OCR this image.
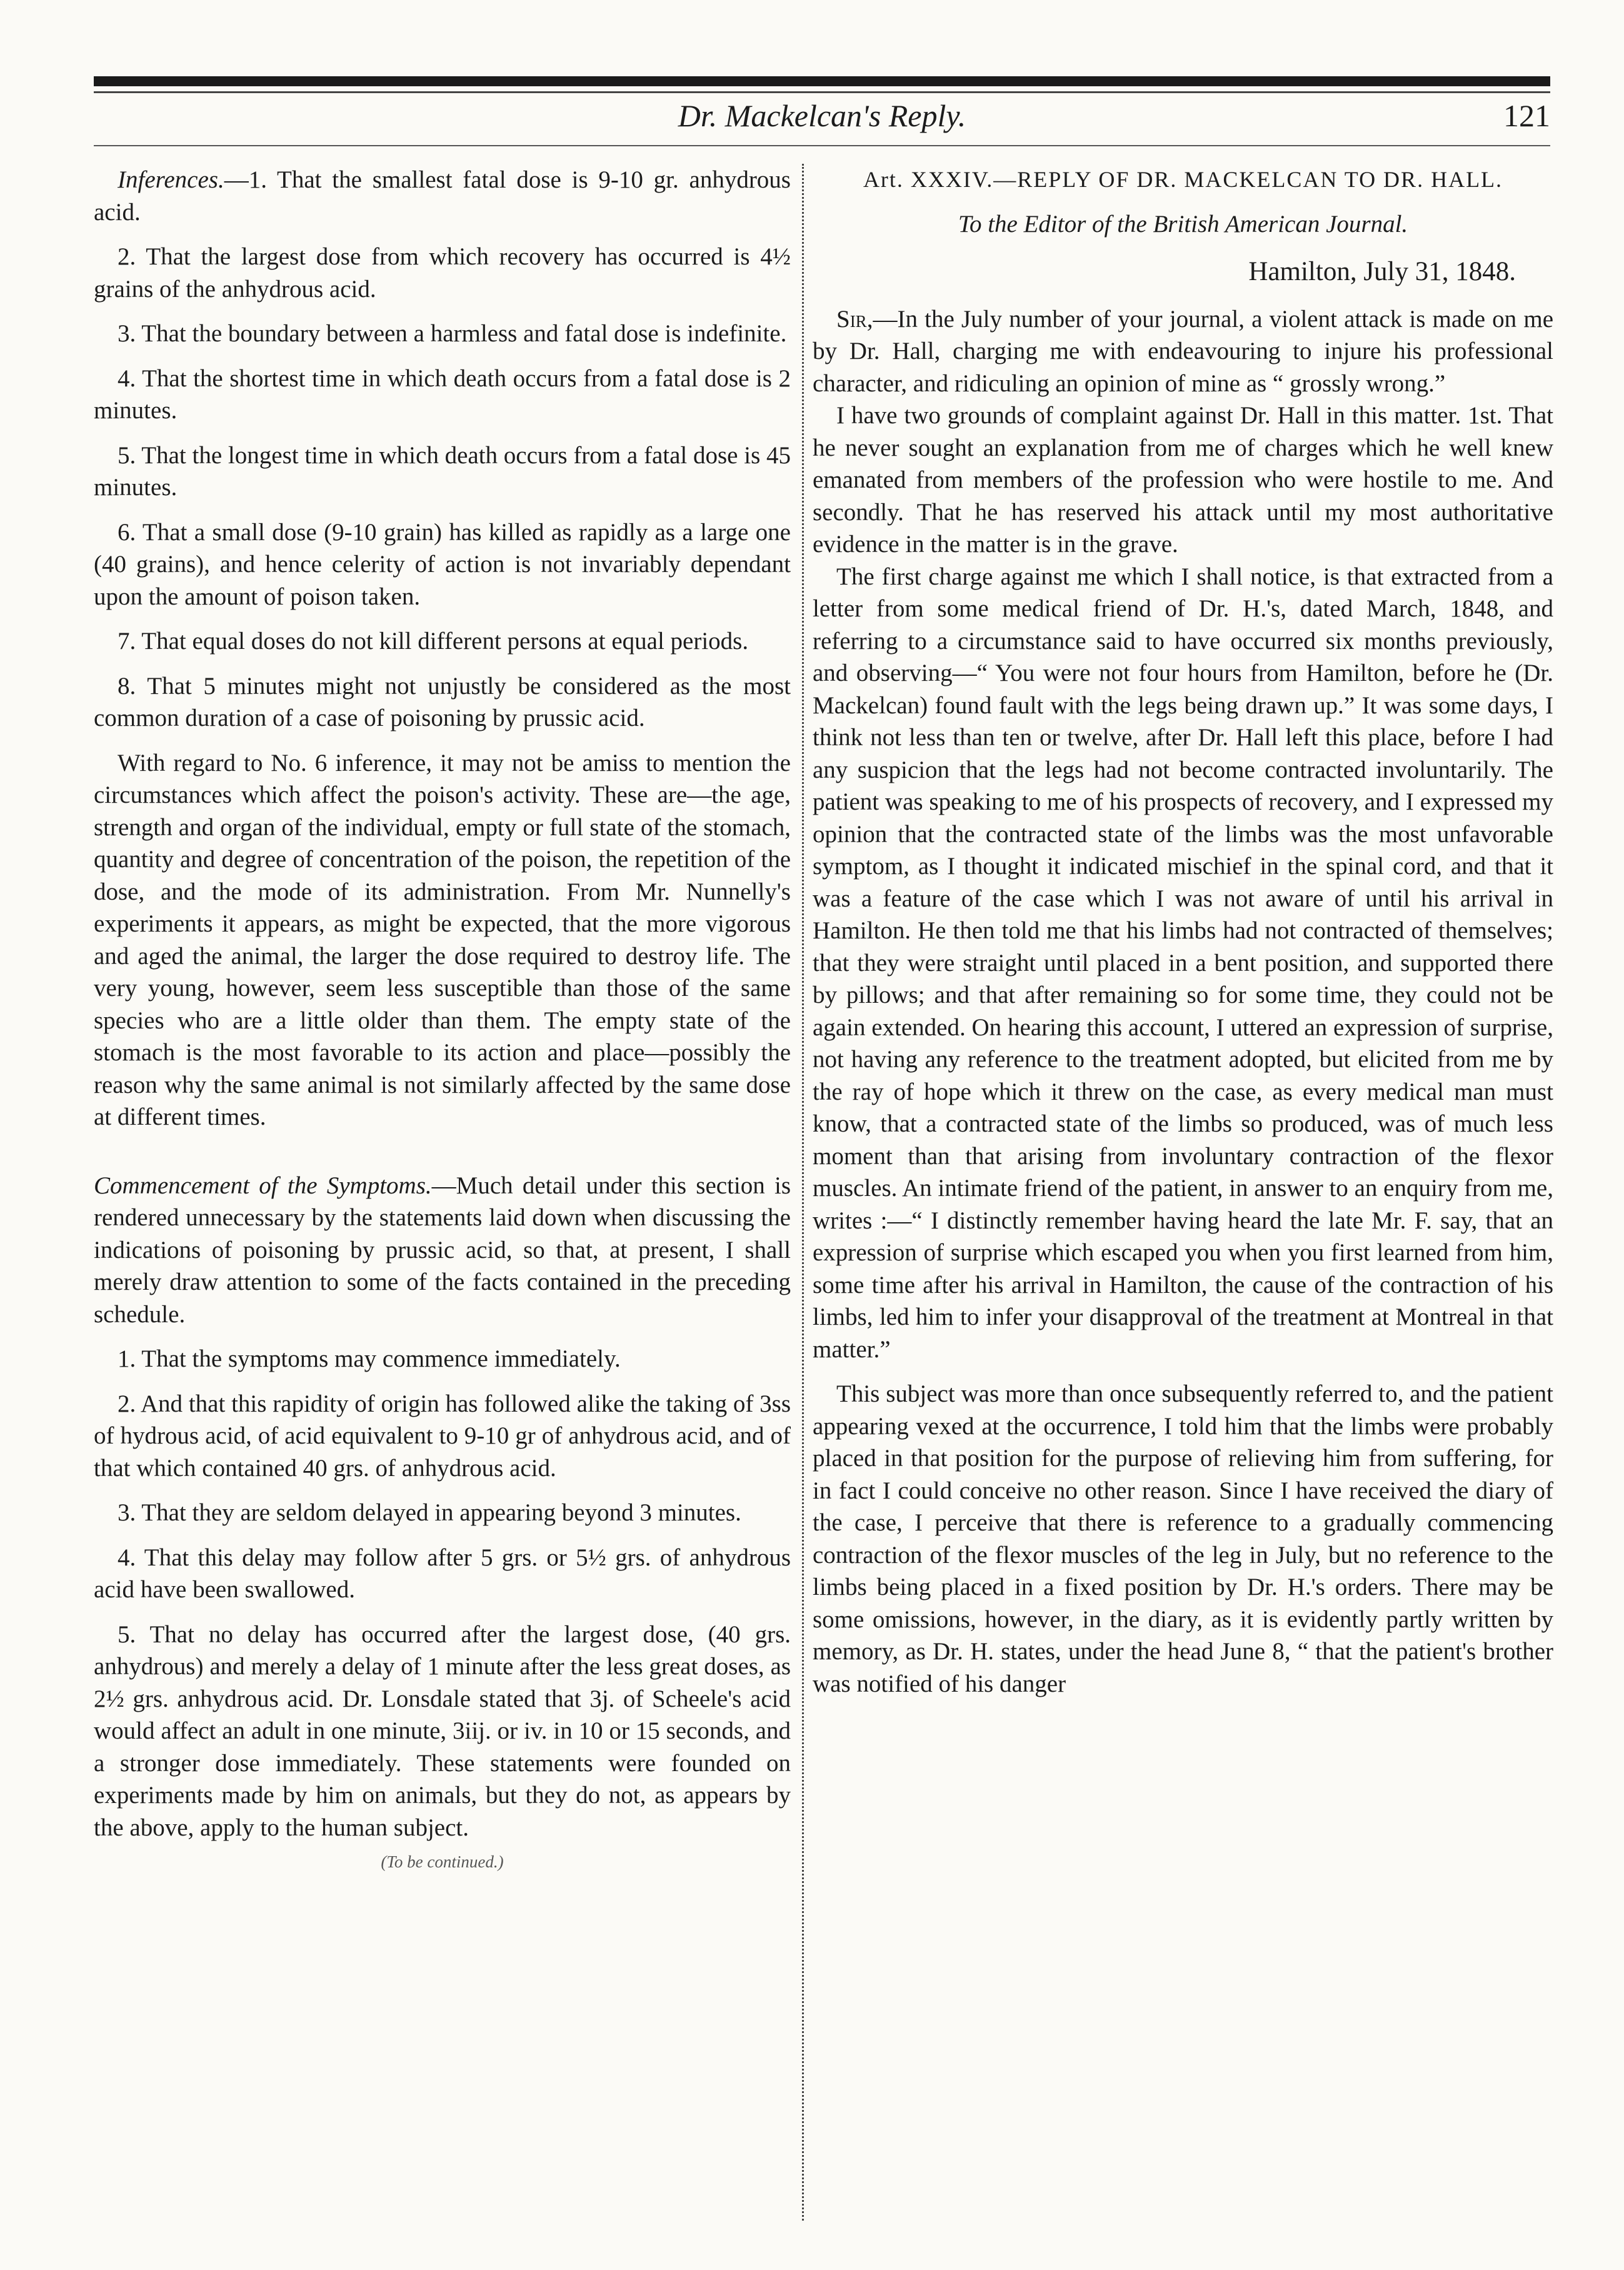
Dr. Mackelcan's Reply.	121

Inferences.—1. That the smallest fatal dose is 9-10 gr. anhydrous acid.

2. That the largest dose from which recovery has occurred is 4½ grains of the anhydrous acid.

3. That the boundary between a harmless and fatal dose is indefinite.

4. That the shortest time in which death occurs from a fatal dose is 2 minutes.

5. That the longest time in which death occurs from a fatal dose is 45 minutes.

6. That a small dose (9-10 grain) has killed as rapidly as a large one (40 grains), and hence celerity of action is not invariably dependant upon the amount of poison taken.

7. That equal doses do not kill different persons at equal periods.

8. That 5 minutes might not unjustly be considered as the most common duration of a case of poisoning by prussic acid.

With regard to No. 6 inference, it may not be amiss to mention the circumstances which affect the poison's activity. These are—the age, strength and organ of the individual, empty or full state of the stomach, quantity and degree of concentration of the poison, the repetition of the dose, and the mode of its administration. From Mr. Nunnelly's experiments it appears, as might be expected, that the more vigorous and aged the animal, the larger the dose required to destroy life. The very young, however, seem less susceptible than those of the same species who are a little older than them. The empty state of the stomach is the most favorable to its action and place—possibly the reason why the same animal is not similarly affected by the same dose at different times.

Commencement of the Symptoms.—Much detail under this section is rendered unnecessary by the statements laid down when discussing the indications of poisoning by prussic acid, so that, at present, I shall merely draw attention to some of the facts contained in the preceding schedule.

1. That the symptoms may commence immediately.

2. And that this rapidity of origin has followed alike the taking of 3ss of hydrous acid, of acid equivalent to 9-10 gr of anhydrous acid, and of that which contained 40 grs. of anhydrous acid.

3. That they are seldom delayed in appearing beyond 3 minutes.

4. That this delay may follow after 5 grs. or 5½ grs. of anhydrous acid have been swallowed.

5. That no delay has occurred after the largest dose, (40 grs. anhydrous) and merely a delay of 1 minute after the less great doses, as 2½ grs. anhydrous acid. Dr. Lonsdale stated that 3j. of Scheele's acid would affect an adult in one minute, 3iij. or iv. in 10 or 15 seconds, and a stronger dose immediately. These statements were founded on experiments made by him on animals, but they do not, as appears by the above, apply to the human subject.

(To be continued.)

Art. XXXIV.—REPLY OF DR. MACKELCAN TO DR. HALL.

To the Editor of the British American Journal.

Hamilton, July 31, 1848.

Sir,—In the July number of your journal, a violent attack is made on me by Dr. Hall, charging me with endeavouring to injure his professional character, and ridiculing an opinion of mine as “ grossly wrong.”

I have two grounds of complaint against Dr. Hall in this matter. 1st. That he never sought an explanation from me of charges which he well knew emanated from members of the profession who were hostile to me. And secondly. That he has reserved his attack until my most authoritative evidence in the matter is in the grave.

The first charge against me which I shall notice, is that extracted from a letter from some medical friend of Dr. H.'s, dated March, 1848, and referring to a circumstance said to have occurred six months previously, and observing—“ You were not four hours from Hamilton, before he (Dr. Mackelcan) found fault with the legs being drawn up.” It was some days, I think not less than ten or twelve, after Dr. Hall left this place, before I had any suspicion that the legs had not become contracted involuntarily. The patient was speaking to me of his prospects of recovery, and I expressed my opinion that the contracted state of the limbs was the most unfavorable symptom, as I thought it indicated mischief in the spinal cord, and that it was a feature of the case which I was not aware of until his arrival in Hamilton. He then told me that his limbs had not contracted of themselves; that they were straight until placed in a bent position, and supported there by pillows; and that after remaining so for some time, they could not be again extended. On hearing this account, I uttered an expression of surprise, not having any reference to the treatment adopted, but elicited from me by the ray of hope which it threw on the case, as every medical man must know, that a contracted state of the limbs so produced, was of much less moment than that arising from involuntary contraction of the flexor muscles. An intimate friend of the patient, in answer to an enquiry from me, writes :—“ I distinctly remember having heard the late Mr. F. say, that an expression of surprise which escaped you when you first learned from him, some time after his arrival in Hamilton, the cause of the contraction of his limbs, led him to infer your disapproval of the treatment at Montreal in that matter.”

This subject was more than once subsequently referred to, and the patient appearing vexed at the occurrence, I told him that the limbs were probably placed in that position for the purpose of relieving him from suffering, for in fact I could conceive no other reason. Since I have received the diary of the case, I perceive that there is reference to a gradually commencing contraction of the flexor muscles of the leg in July, but no reference to the limbs being placed in a fixed position by Dr. H.'s orders. There may be some omissions, however, in the diary, as it is evidently partly written by memory, as Dr. H. states, under the head June 8, “ that the patient's brother was notified of his danger
